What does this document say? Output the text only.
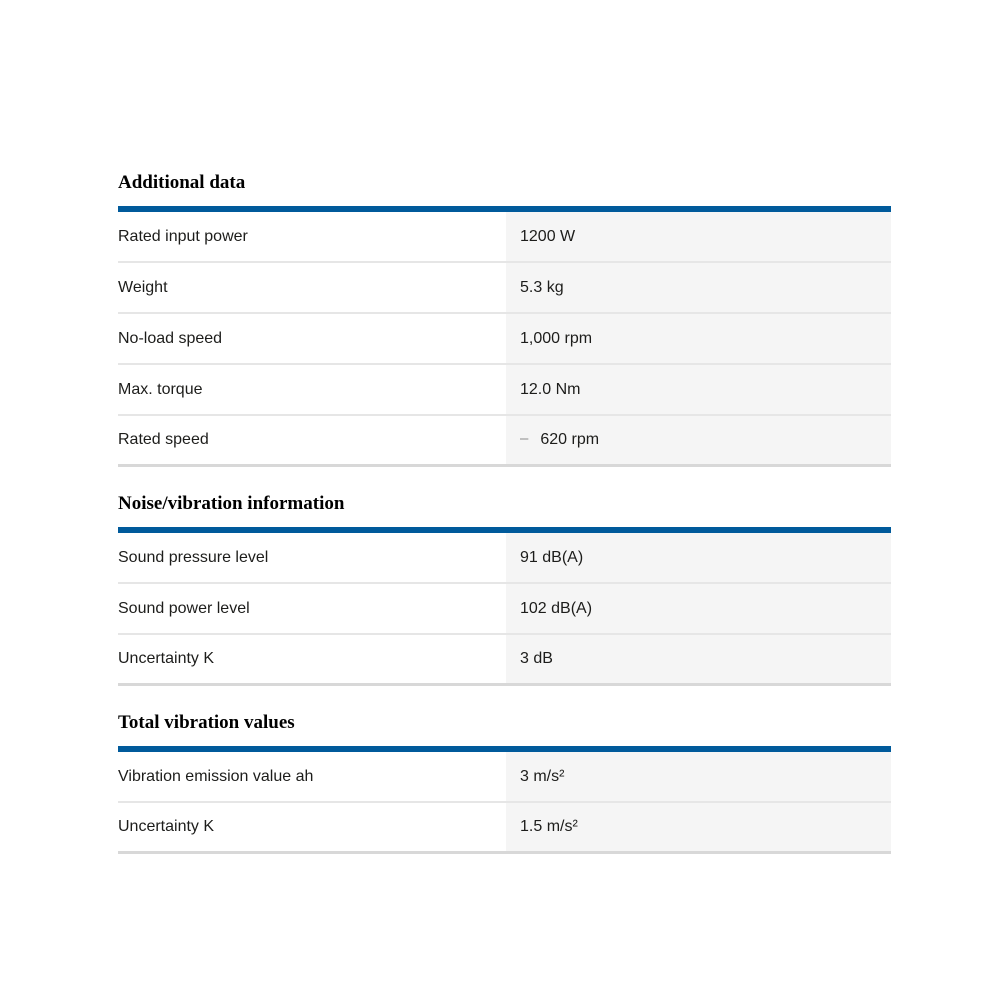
Additional data
Rated input power	1200 W
Weight	5.3 kg
No-load speed	1,000 rpm
Max. torque	12.0 Nm
Rated speed	– 620 rpm
Noise/vibration information
Sound pressure level	91 dB(A)
Sound power level	102 dB(A)
Uncertainty K	3 dB
Total vibration values
Vibration emission value ah	3 m/s²
Uncertainty K	1.5 m/s²
